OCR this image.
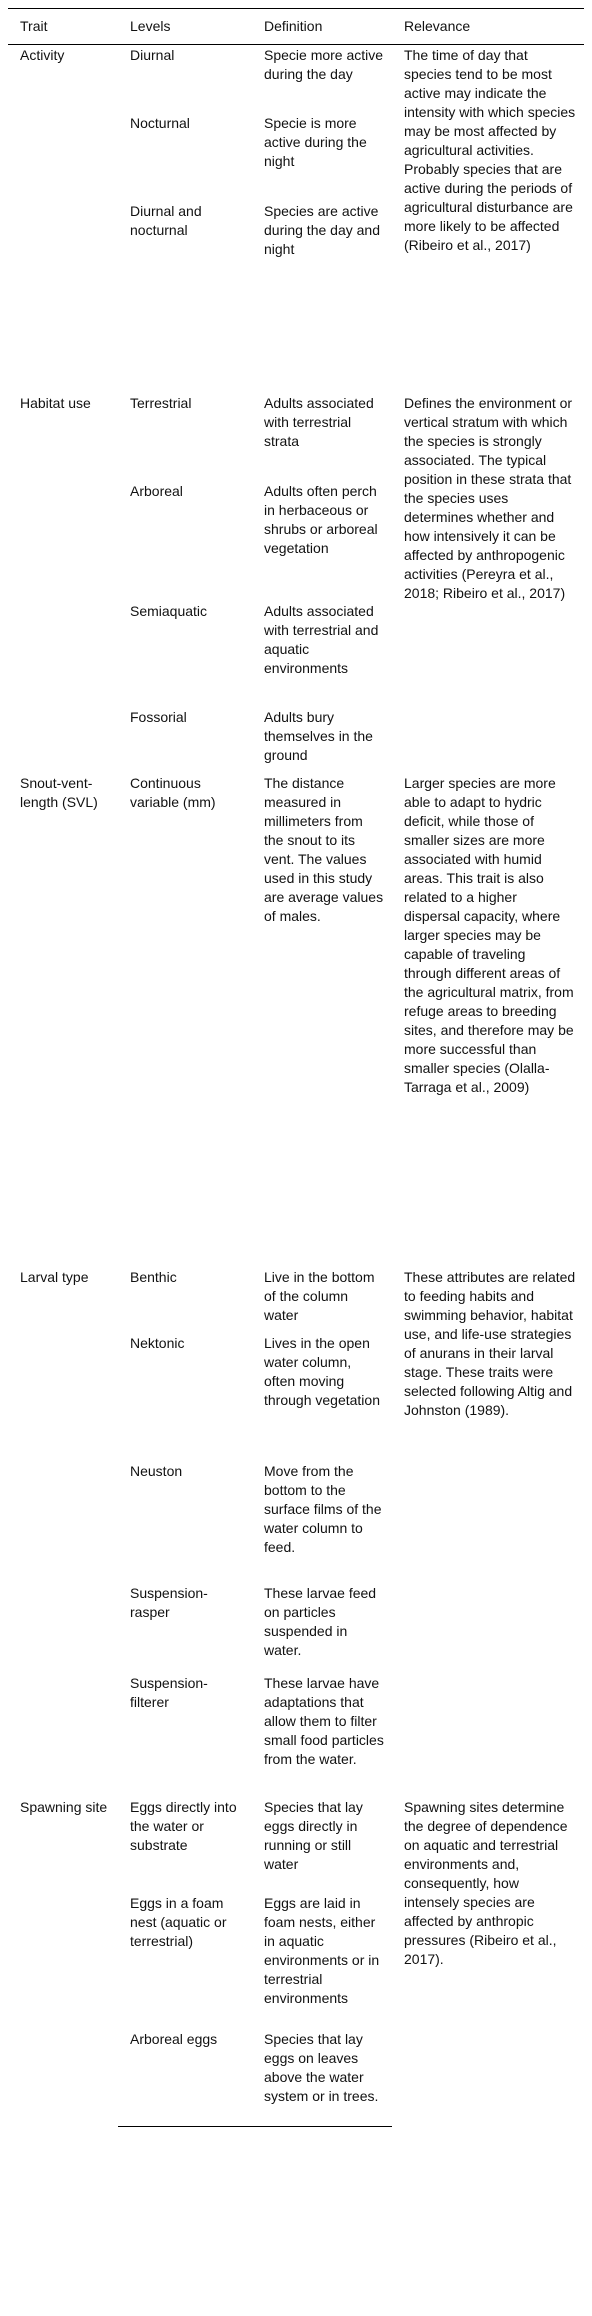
Trait	Levels	Definition	Relevance
Activity	Diurnal	Specie more active during the day	The time of day that species tend to be most active may indicate the intensity with which species may be most affected by agricultural activities. Probably species that are active during the periods of agricultural disturbance are more likely to be affected (Ribeiro et al., 2017)
	Nocturnal	Specie is more active during the night	
	Diurnal and nocturnal	Species are active during the day and night	
Habitat use	Terrestrial	Adults associated with terrestrial strata	Defines the environment or vertical stratum with which the species is strongly associated. The typical position in these strata that the species uses determines whether and how intensively it can be affected by anthropogenic activities (Pereyra et al., 2018; Ribeiro et al., 2017)
	Arboreal	Adults often perch in herbaceous or shrubs or arboreal vegetation	
	Semiaquatic	Adults associated with terrestrial and aquatic environments	
	Fossorial	Adults bury themselves in the ground	
Snout-vent-length (SVL)	Continuous variable (mm)	The distance measured in millimeters from the snout to its vent. The values used in this study are average values of males.	Larger species are more able to adapt to hydric deficit, while those of smaller sizes are more associated with humid areas. This trait is also related to a higher dispersal capacity, where larger species may be capable of traveling through different areas of the agricultural matrix, from refuge areas to breeding sites, and therefore may be more successful than smaller species (Olalla-Tarraga et al., 2009)
Larval type	Benthic	Live in the bottom of the column water	These attributes are related to feeding habits and swimming behavior, habitat use, and life-use strategies of anurans in their larval stage. These traits were selected following Altig and Johnston (1989).
	Nektonic	Lives in the open water column, often moving through vegetation	
	Neuston	Move from the bottom to the surface films of the water column to feed.	
	Suspension-rasper	These larvae feed on particles suspended in water.	
	Suspension-filterer	These larvae have adaptations that allow them to filter small food particles from the water.	
Spawning site	Eggs directly into the water or substrate	Species that lay eggs directly in running or still water	Spawning sites determine the degree of dependence on aquatic and terrestrial environments and, consequently, how intensely species are affected by anthropic pressures (Ribeiro et al., 2017).
	Eggs in a foam nest (aquatic or terrestrial)	Eggs are laid in foam nests, either in aquatic environments or in terrestrial environments	
	Arboreal eggs	Species that lay eggs on leaves above the water system or in trees.	
